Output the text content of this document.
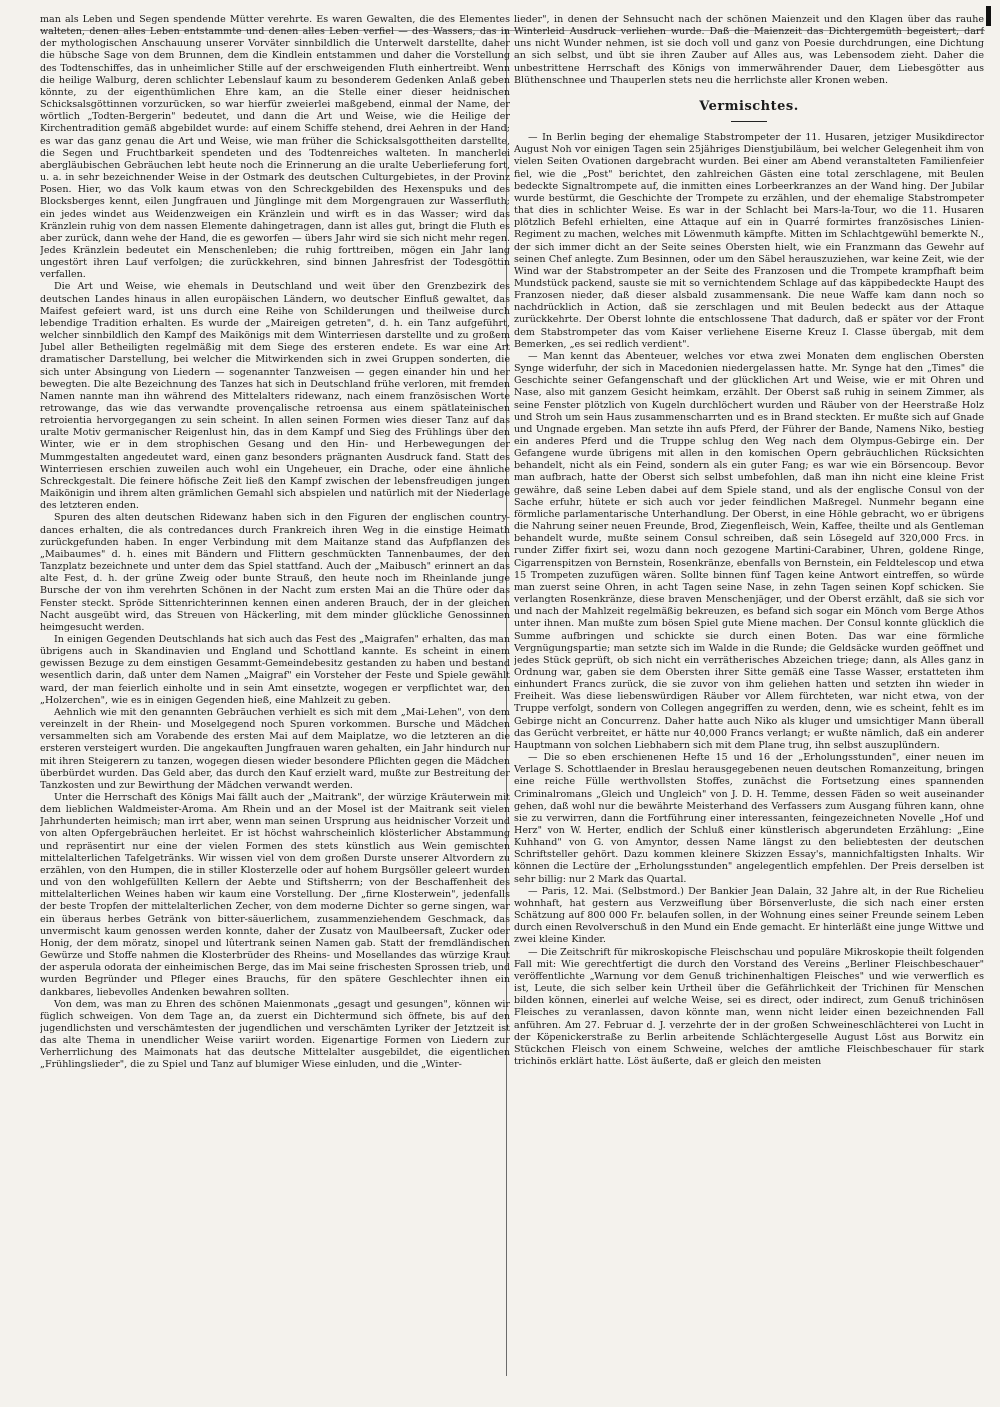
man als Leben und Segen spendende Mütter verehrte. Es waren Gewalten, die des Elementes walteten, denen alles Leben entstammte und denen alles Leben verfiel — des Wassers, das in der mythologischen Anschauung unserer Vorväter sinnbildlich die Unterwelt darstellte, daher die hübsche Sage von dem Brunnen, dem die Kindlein entstammen und daher die Vorstellung des Todtenschiffes, das in unheimlicher Stille auf der erschweigenden Fluth einhertreibt. Wenn die heilige Walburg, deren schlichter Lebenslauf kaum zu besonderem Gedenken Anlaß geben könnte, zu der eigenthümlichen Ehre kam, an die Stelle einer dieser heidnischen Schicksalsgöttinnen vorzurücken, so war hierfür zweierlei maßgebend, einmal der Name, der wörtlich „Todten-Bergerin" bedeutet, und dann die Art und Weise, wie die Heilige der Kirchentradition gemäß abgebildet wurde: auf einem Schiffe stehend, drei Aehren in der Hand; es war das ganz genau die Art und Weise, wie man früher die Schicksalsgottheiten darstellte, die Segen und Fruchtbarkeit spendeten und des Todtenreiches walteten. In mancherlei abergläubischen Gebräuchen lebt heute noch die Erinnerung an die uralte Ueberlieferung fort, u. a. in sehr bezeichnender Weise in der Ostmark des deutschen Culturgebietes, in der Provinz Posen. Hier, wo das Volk kaum etwas von den Schreckgebilden des Hexenspuks und des Blocksberges kennt, eilen Jungfrauen und Jünglinge mit dem Morgengrauen zur Wasserfluth; ein jedes windet aus Weidenzweigen ein Kränzlein und wirft es in das Wasser; wird das Kränzlein ruhig von dem nassen Elemente dahingetragen, dann ist alles gut, bringt die Fluth es aber zurück, dann wehe der Hand, die es geworfen — übers Jahr wird sie sich nicht mehr regen. Jedes Kränzlein bedeutet ein Menschenleben; die ruhig forttreiben, mögen ein Jahr lang ungestört ihren Lauf verfolgen; die zurückkehren, sind binnen Jahresfrist der Todesgöttin verfallen.

Die Art und Weise, wie ehemals in Deutschland und weit über den Grenzbezirk des deutschen Landes hinaus in allen europäischen Ländern, wo deutscher Einfluß gewaltet, das Maifest gefeiert ward, ist uns durch eine Reihe von Schilderungen und theilweise durch lebendige Tradition erhalten. Es wurde der „Maireigen getreten", d. h. ein Tanz aufgeführt, welcher sinnbildlich den Kampf des Maikönigs mit dem Winterriesen darstellte und zu großem Jubel aller Betheiligten regelmäßig mit dem Siege des ersteren endete. Es war eine Art dramatischer Darstellung, bei welcher die Mitwirkenden sich in zwei Gruppen sonderten, die sich unter Absingung von Liedern — sogenannter Tanzweisen — gegen einander hin und her bewegten. Die alte Bezeichnung des Tanzes hat sich in Deutschland frühe verloren, mit fremden Namen nannte man ihn während des Mittelalters ridewanz, nach einem französischen Worte retrowange, das wie das verwandte provençalische retroensa aus einem spätlateinischen retroientia hervorgegangen zu sein scheint. In allen seinen Formen wies dieser Tanz auf das uralte Motiv germanischer Reigenlust hin, das in dem Kampf und Sieg des Frühlings über den Winter, wie er in dem strophischen Gesang und den Hin- und Herbewegungen der Mummgestalten angedeutet ward, einen ganz besonders prägnanten Ausdruck fand. Statt des Winterriesen erschien zuweilen auch wohl ein Ungeheuer, ein Drache, oder eine ähnliche Schreckgestalt. Die feinere höfische Zeit ließ den Kampf zwischen der lebensfreudigen jungen Maikönigin und ihrem alten grämlichen Gemahl sich abspielen und natürlich mit der Niederlage des letzteren enden.

Spuren des alten deutschen Ridewanz haben sich in den Figuren der englischen country-dances erhalten, die als contredances durch Frankreich ihren Weg in die einstige Heimath zurückgefunden haben. In enger Verbindung mit dem Maitanze stand das Aufpflanzen des „Maibaumes" d. h. eines mit Bändern und Flittern geschmückten Tannenbaumes, der den Tanzplatz bezeichnete und unter dem das Spiel stattfand. Auch der „Maibusch" erinnert an das alte Fest, d. h. der grüne Zweig oder bunte Strauß, den heute noch im Rheinlande junge Bursche der von ihm verehrten Schönen in der Nacht zum ersten Mai an die Thüre oder das Fenster steckt. Spröde Sittenrichterinnen kennen einen anderen Brauch, der in der gleichen Nacht ausgeübt wird, das Streuen von Häckerling, mit dem minder glückliche Genossinnen heimgesucht werden.

In einigen Gegenden Deutschlands hat sich auch das Fest des „Maigrafen" erhalten, das man übrigens auch in Skandinavien und England und Schottland kannte. Es scheint in einem gewissen Bezuge zu dem einstigen Gesammt-Gemeindebesitz gestanden zu haben und bestand wesentlich darin, daß unter dem Namen „Maigraf" ein Vorsteher der Feste und Spiele gewählt ward, der man feierlich einholte und in sein Amt einsetzte, wogegen er verpflichtet war, den „Holzerchen", wie es in einigen Gegenden hieß, eine Mahlzeit zu geben.

Aehnlich wie mit den genannten Gebräuchen verhielt es sich mit dem „Mai-Lehen", von dem vereinzelt in der Rhein- und Moselgegend noch Spuren vorkommen. Bursche und Mädchen versammelten sich am Vorabende des ersten Mai auf dem Maiplatze, wo die letzteren an die ersteren versteigert wurden. Die angekauften Jungfrauen waren gehalten, ein Jahr hindurch nur mit ihren Steigerern zu tanzen, wogegen diesen wieder besondere Pflichten gegen die Mädchen überbürdet wurden. Das Geld aber, das durch den Kauf erzielt ward, mußte zur Bestreitung der Tanzkosten und zur Bewirthung der Mädchen verwandt werden.

Unter die Herrschaft des Königs Mai fällt auch der „Maitrank", der würzige Kräuterwein mit dem lieblichen Waldmeister-Aroma. Am Rhein und an der Mosel ist der Maitrank seit vielen Jahrhunderten heimisch; man irrt aber, wenn man seinen Ursprung aus heidnischer Vorzeit und von alten Opfergebräuchen herleitet. Er ist höchst wahrscheinlich klösterlicher Abstammung und repräsentirt nur eine der vielen Formen des stets künstlich aus Wein gemischten mittelalterlichen Tafelgetränks. Wir wissen viel von dem großen Durste unserer Altvordern zu erzählen, von den Humpen, die in stiller Klosterzelle oder auf hohem Burgsöller geleert wurden und von den wohlgefüllten Kellern der Aebte und Stiftsherrn; von der Beschaffenheit des mittelalterlichen Weines haben wir kaum eine Vorstellung. Der „firne Klosterwein", jedenfalls der beste Tropfen der mittelalterlichen Zecher, von dem moderne Dichter so gerne singen, war ein überaus herbes Getränk von bitter-säuerlichem, zusammenziehendem Geschmack, das unvermischt kaum genossen werden konnte, daher der Zusatz von Maulbeersaft, Zucker oder Honig, der dem möratz, sinopel und lûtertrank seinen Namen gab. Statt der fremdländischen Gewürze und Stoffe nahmen die Klosterbrüder des Rheins- und Mosellandes das würzige Kraut der asperula odorata der einheimischen Berge, das im Mai seine frischesten Sprossen trieb, und wurden Begründer und Pfleger eines Brauchs, für den spätere Geschlechter ihnen ein dankbares, liebevolles Andenken bewahren sollten.

Von dem, was man zu Ehren des schönen Maienmonats „gesagt und gesungen", können wir füglich schweigen. Von dem Tage an, da zuerst ein Dichtermund sich öffnete, bis auf den jugendlichsten und verschämtesten der jugendlichen und verschämten Lyriker der Jetztzeit ist das alte Thema in unendlicher Weise variirt worden. Eigenartige Formen von Liedern zur Verherrlichung des Maimonats hat das deutsche Mittelalter ausgebildet, die eigentlichen „Frühlingslieder", die zu Spiel und Tanz auf blumiger Wiese einluden, und die „Winter-

lieder", in denen der Sehnsucht nach der schönen Maienzeit und den Klagen über das rauhe Winterleid Ausdruck verliehen wurde. Daß die Maienzeit das Dichtergemüth begeistert, darf uns nicht Wunder nehmen, ist sie doch voll und ganz von Poesie durchdrungen, eine Dichtung an sich selbst, und übt sie ihren Zauber auf Alles aus, was Lebensodem zieht. Daher die unbestrittene Herrschaft des Königs von immerwährender Dauer, dem Liebesgötter aus Blüthenschnee und Thauperlen stets neu die herrlichste aller Kronen weben.

Vermischtes.

— In Berlin beging der ehemalige Stabstrompeter der 11. Husaren, jetziger Musikdirector August Noh vor einigen Tagen sein 25jähriges Dienstjubiläum, bei welcher Gelegenheit ihm von vielen Seiten Ovationen dargebracht wurden. Bei einer am Abend veranstalteten Familienfeier fiel, wie die „Post" berichtet, den zahlreichen Gästen eine total zerschlagene, mit Beulen bedeckte Signaltrompete auf, die inmitten eines Lorbeerkranzes an der Wand hing. Der Jubilar wurde bestürmt, die Geschichte der Trompete zu erzählen, und der ehemalige Stabstrompeter that dies in schlichter Weise. Es war in der Schlacht bei Mars-la-Tour, wo die 11. Husaren plötzlich Befehl erhielten, eine Attaque auf ein in Quarré formirtes französisches Linien-Regiment zu machen, welches mit Löwenmuth kämpfte. Mitten im Schlachtgewühl bemerkte N., der sich immer dicht an der Seite seines Obersten hielt, wie ein Franzmann das Gewehr auf seinen Chef anlegte. Zum Besinnen, oder um den Säbel herauszuziehen, war keine Zeit, wie der Wind war der Stabstrompeter an der Seite des Franzosen und die Trompete krampfhaft beim Mundstück packend, sauste sie mit so vernichtendem Schlage auf das käppibedeckte Haupt des Franzosen nieder, daß dieser alsbald zusammensank. Die neue Waffe kam dann noch so nachdrücklich in Action, daß sie zerschlagen und mit Beulen bedeckt aus der Attaque zurückkehrte. Der Oberst lohnte die entschlossene That dadurch, daß er später vor der Front dem Stabstrompeter das vom Kaiser verliehene Eiserne Kreuz I. Classe übergab, mit dem Bemerken, „es sei redlich verdient".

— Man kennt das Abenteuer, welches vor etwa zwei Monaten dem englischen Obersten Synge widerfuhr, der sich in Macedonien niedergelassen hatte. Mr. Synge hat den „Times" die Geschichte seiner Gefangenschaft und der glücklichen Art und Weise, wie er mit Ohren und Nase, also mit ganzem Gesicht heimkam, erzählt. Der Oberst saß ruhig in seinem Zimmer, als seine Fenster plötzlich von Kugeln durchlöchert wurden und Räuber von der Heerstraße Holz und Stroh um sein Haus zusammenscharrten und es in Brand steckten. Er mußte sich auf Gnade und Ungnade ergeben. Man setzte ihn aufs Pferd, der Führer der Bande, Namens Niko, bestieg ein anderes Pferd und die Truppe schlug den Weg nach dem Olympus-Gebirge ein. Der Gefangene wurde übrigens mit allen in den komischen Opern gebräuchlichen Rücksichten behandelt, nicht als ein Feind, sondern als ein guter Fang; es war wie ein Börsencoup. Bevor man aufbrach, hatte der Oberst sich selbst umbefohlen, daß man ihn nicht eine kleine Frist gewähre, daß seine Leben dabei auf dem Spiele stand, und als der englische Consul von der Sache erfuhr, hütete er sich auch vor jeder feindlichen Maßregel. Nunmehr begann eine förmliche parlamentarische Unterhandlung. Der Oberst, in eine Höhle gebracht, wo er übrigens die Nahrung seiner neuen Freunde, Brod, Ziegenfleisch, Wein, Kaffee, theilte und als Gentleman behandelt wurde, mußte seinem Consul schreiben, daß sein Lösegeld auf 320,000 Frcs. in runder Ziffer fixirt sei, wozu dann noch gezogene Martini-Carabiner, Uhren, goldene Ringe, Cigarrenspitzen von Bernstein, Rosenkränze, ebenfalls von Bernstein, ein Feldtelescop und etwa 15 Trompeten zuzufügen wären. Sollte binnen fünf Tagen keine Antwort eintreffen, so würde man zuerst seine Ohren, in acht Tagen seine Nase, in zehn Tagen seinen Kopf schicken. Sie verlangten Rosenkränze, diese braven Menschenjäger, und der Oberst erzählt, daß sie sich vor und nach der Mahlzeit regelmäßig bekreuzen, es befand sich sogar ein Mönch vom Berge Athos unter ihnen. Man mußte zum bösen Spiel gute Miene machen. Der Consul konnte glücklich die Summe aufbringen und schickte sie durch einen Boten. Das war eine förmliche Vergnügungspartie; man setzte sich im Walde in die Runde; die Geldsäcke wurden geöffnet und jedes Stück geprüft, ob sich nicht ein verrätherisches Abzeichen triege; dann, als Alles ganz in Ordnung war, gaben sie dem Obersten ihrer Sitte gemäß eine Tasse Wasser, erstatteten ihm einhundert Francs zurück, die sie zuvor von ihm geliehen hatten und setzten ihn wieder in Freiheit. Was diese liebenswürdigen Räuber vor Allem fürchteten, war nicht etwa, von der Truppe verfolgt, sondern von Collegen angegriffen zu werden, denn, wie es scheint, fehlt es im Gebirge nicht an Concurrenz. Daher hatte auch Niko als kluger und umsichtiger Mann überall das Gerücht verbreitet, er hätte nur 40,000 Francs verlangt; er wußte nämlich, daß ein anderer Hauptmann von solchen Liebhabern sich mit dem Plane trug, ihn selbst auszuplündern.

— Die so eben erschienenen Hefte 15 und 16 der „Erholungsstunden", einer neuen im Verlage S. Schottlaender in Breslau herausgegebenen neuen deutschen Romanzeitung, bringen eine reiche Fülle werthvollsten Stoffes, zunächst die Fortsetzung eines spannenden Criminalromans „Gleich und Ungleich" von J. D. H. Temme, dessen Fäden so weit auseinander gehen, daß wohl nur die bewährte Meisterhand des Verfassers zum Ausgang führen kann, ohne sie zu verwirren, dann die Fortführung einer interessanten, feingezeichneten Novelle „Hof und Herz" von W. Herter, endlich der Schluß einer künstlerisch abgerundeten Erzählung: „Eine Kuhhand" von G. von Amyntor, dessen Name längst zu den beliebtesten der deutschen Schriftsteller gehört. Dazu kommen kleinere Skizzen Essay's, mannichfaltigsten Inhalts. Wir können die Lectüre der „Erholungsstunden" angelegentlich empfehlen. Der Preis derselben ist sehr billig: nur 2 Mark das Quartal.

— Paris, 12. Mai. (Selbstmord.) Der Bankier Jean Dalain, 32 Jahre alt, in der Rue Richelieu wohnhaft, hat gestern aus Verzweiflung über Börsenverluste, die sich nach einer ersten Schätzung auf 800 000 Fr. belaufen sollen, in der Wohnung eines seiner Freunde seinem Leben durch einen Revolverschuß in den Mund ein Ende gemacht. Er hinterläßt eine junge Wittwe und zwei kleine Kinder.

— Die Zeitschrift für mikroskopische Fleischschau und populäre Mikroskopie theilt folgenden Fall mit: Wie gerechtfertigt die durch den Vorstand des Vereins „Berliner Fleischbeschauer" veröffentlichte „Warnung vor dem Genuß trichinenhaltigen Fleisches" und wie verwerflich es ist, Leute, die sich selber kein Urtheil über die Gefährlichkeit der Trichinen für Menschen bilden können, einerlei auf welche Weise, sei es direct, oder indirect, zum Genuß trichinösen Fleisches zu veranlassen, davon könnte man, wenn nicht leider einen bezeichnenden Fall anführen. Am 27. Februar d. J. verzehrte der in der großen Schweineschlächterei von Lucht in der Köpenickerstraße zu Berlin arbeitende Schlächtergeselle August Löst aus Borwitz ein Stückchen Fleisch von einem Schweine, welches der amtliche Fleischbeschauer für stark trichinös erklärt hatte. Löst äußerte, daß er gleich den meisten
